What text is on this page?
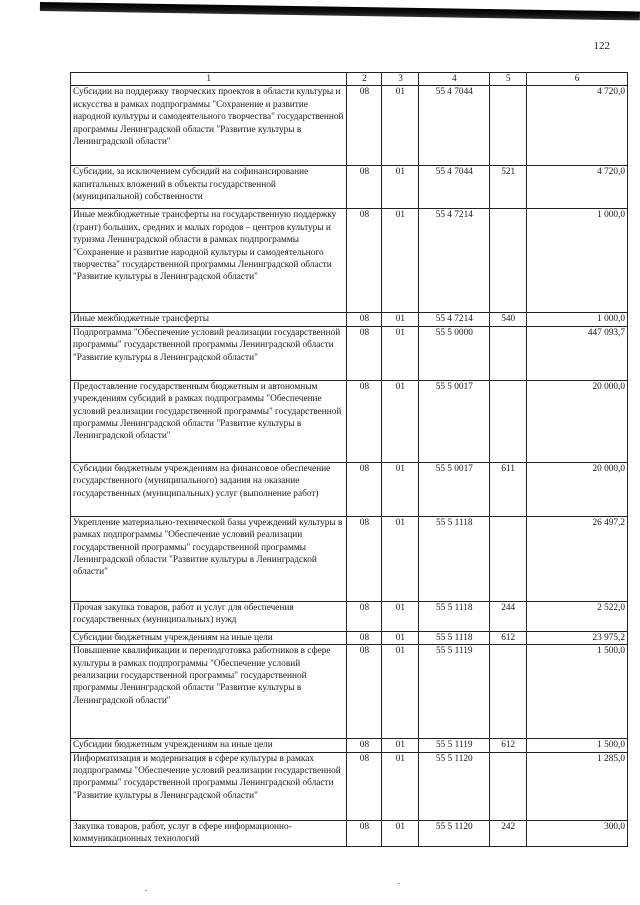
122
1	2	3	4	5	6
Субсидии на поддержку творческих проектов в области культуры и искусства в рамках подпрограммы "Сохранение и развитие народной культуры и самодеятельного творчества" государственной программы Ленинградской области "Развитие культуры в Ленинградской области"	08	01	55 4 7044		4 720,0
Субсидии, за исключением субсидий на софинансирование капитальных вложений в объекты государственной (муниципальной) собственности	08	01	55 4 7044	521	4 720,0
Иные межбюджетные трансферты на государственную поддержку (грант) больших, средних и малых городов – центров культуры и туризма Ленинградской области в рамках подпрограммы "Сохранение и развитие народной культуры и самодеятельного творчества" государственной программы Ленинградской области "Развитие культуры в Ленинградской области"	08	01	55 4 7214		1 000,0
Иные межбюджетные трансферты	08	01	55 4 7214	540	1 000,0
Подпрограмма "Обеспечение условий реализации государственной программы" государственной программы Ленинградской области "Развитие культуры в Ленинградской области"	08	01	55 5 0000		447 093,7
Предоставление государственным бюджетным и автономным учреждениям субсидий в рамках подпрограммы "Обеспечение условий реализации государственной программы" государственной программы Ленинградской области "Развитие культуры в Ленинградской области"	08	01	55 5 0017		20 000,0
Субсидии бюджетным учреждениям на финансовое обеспечение государственного (муниципального) задания на оказание государственных (муниципальных) услуг (выполнение работ)	08	01	55 5 0017	611	20 000,0
Укрепление материально-технической базы учреждений культуры в рамках подпрограммы "Обеспечение условий реализации государственной программы" государственной программы Ленинградской области "Развитие культуры в Ленинградской области"	08	01	55 5 1118		26 497,2
Прочая закупка товаров, работ и услуг для обеспечения государственных (муниципальных) нужд	08	01	55 5 1118	244	2 522,0
Субсидии бюджетным учреждениям на иные цели	08	01	55 5 1118	612	23 975,2
Повышение квалификации и переподготовка работников в сфере культуры в рамках подпрограммы "Обеспечение условий реализации государственной программы" государственной программы Ленинградской области "Развитие культуры в Ленинградской области"	08	01	55 5 1119		1 500,0
Субсидии бюджетным учреждениям на иные цели	08	01	55 5 1119	612	1 500,0
Информатизация и модернизация в сфере культуры в рамках подпрограммы "Обеспечение условий реализации государственной программы" государственной программы Ленинградской области "Развитие культуры в Ленинградской области"	08	01	55 5 1120		1 285,0
Закупка товаров, работ, услуг в сфере информационно-коммуникационных технологий	08	01	55 5 1120	242	300,0
